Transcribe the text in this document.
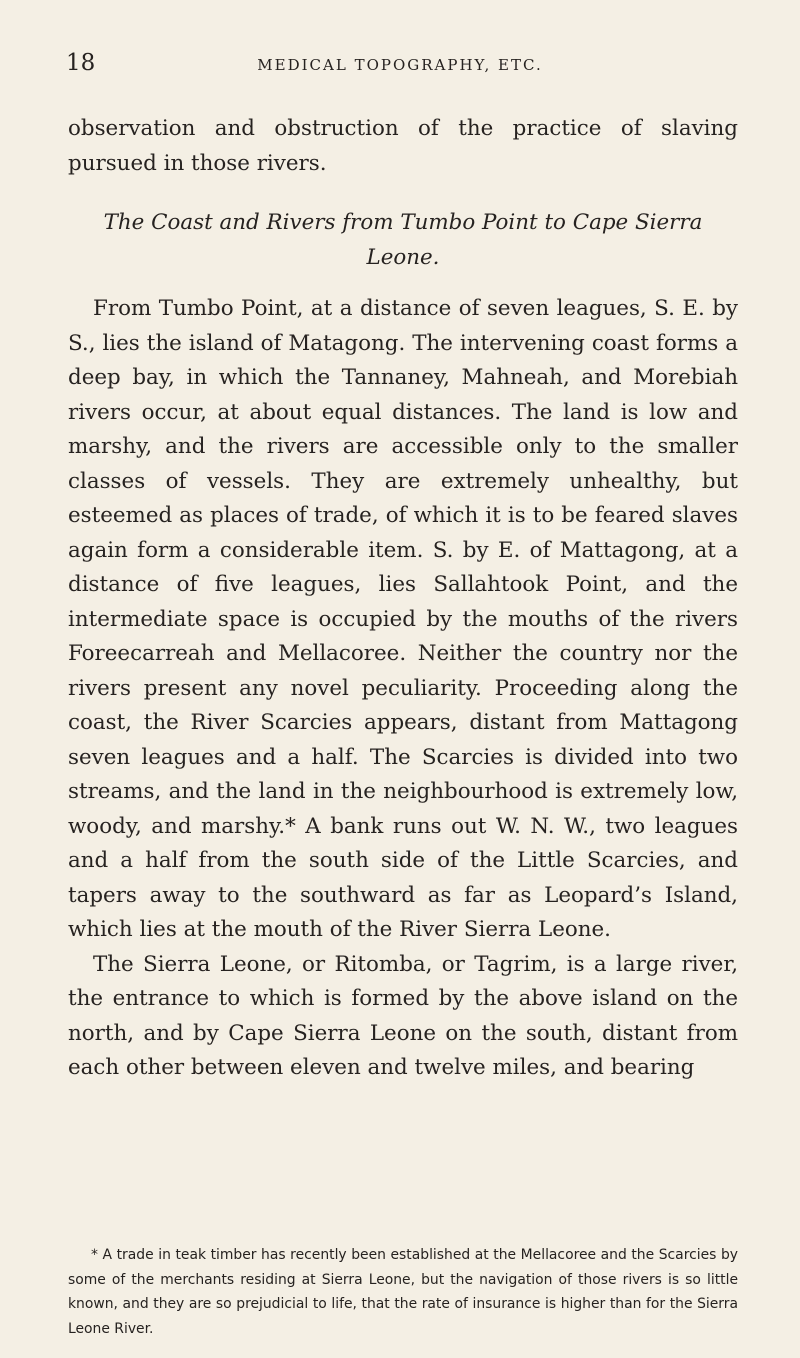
18	MEDICAL TOPOGRAPHY, ETC.

observation and obstruction of the practice of slaving pursued in those rivers.

The Coast and Rivers from Tumbo Point to Cape Sierra Leone.

From Tumbo Point, at a distance of seven leagues, S. E. by S., lies the island of Matagong. The intervening coast forms a deep bay, in which the Tannaney, Mahneah, and Morebiah rivers occur, at about equal distances. The land is low and marshy, and the rivers are accessible only to the smaller classes of vessels. They are extremely unhealthy, but esteemed as places of trade, of which it is to be feared slaves again form a considerable item. S. by E. of Mattagong, at a distance of five leagues, lies Sallahtook Point, and the intermediate space is occupied by the mouths of the rivers Foreecarreah and Mellacoree. Neither the country nor the rivers present any novel peculiarity. Proceeding along the coast, the River Scarcies appears, distant from Mattagong seven leagues and a half. The Scarcies is divided into two streams, and the land in the neighbourhood is extremely low, woody, and marshy.* A bank runs out W. N. W., two leagues and a half from the south side of the Little Scarcies, and tapers away to the southward as far as Leopard’s Island, which lies at the mouth of the River Sierra Leone.

The Sierra Leone, or Ritomba, or Tagrim, is a large river, the entrance to which is formed by the above island on the north, and by Cape Sierra Leone on the south, distant from each other between eleven and twelve miles, and bearing

* A trade in teak timber has recently been established at the Mellacoree and the Scarcies by some of the merchants residing at Sierra Leone, but the navigation of those rivers is so little known, and they are so prejudicial to life, that the rate of insurance is higher than for the Sierra Leone River.
